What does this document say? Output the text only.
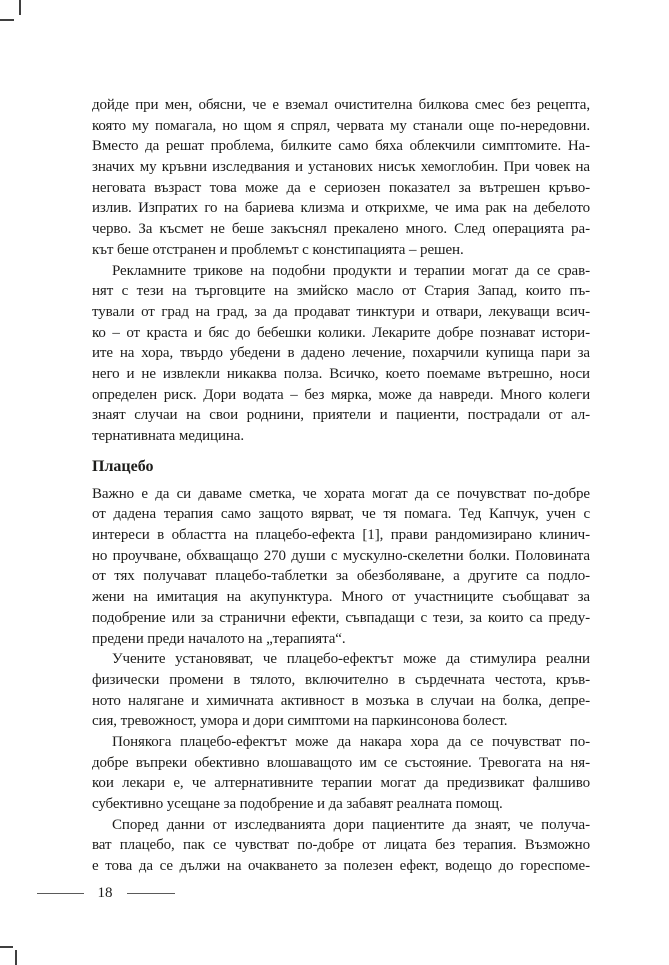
дойде при мен, обясни, че е вземал очистителна билкова смес без рецепта,
която му помагала, но щом я спрял, червата му станали още по-нередовни.
Вместо да решат проблема, билките само бяха облекчили симптомите. На-
значих му кръвни изследвания и установих нисък хемоглобин. При човек на
неговата възраст това може да е сериозен показател за вътрешен кръво-
излив. Изпратих го на бариева клизма и открихме, че има рак на дебелото
черво. За късмет не беше закъснял прекалено много. След операцията ра-
кът беше отстранен и проблемът с констипацията – решен.
Рекламните трикове на подобни продукти и терапии могат да се срав-
нят с тези на търговците на змийско масло от Стария Запад, които пъ-
тували от град на град, за да продават тинктури и отвари, лекуващи всич-
ко – от краста и бяс до бебешки колики. Лекарите добре познават истори-
ите на хора, твърдо убедени в дадено лечение, похарчили купища пари за
него и не извлекли никаква полза. Всичко, което поемаме вътрешно, носи
определен риск. Дори водата – без мярка, може да навреди. Много колеги
знаят случаи на свои роднини, приятели и пациенти, пострадали от ал-
тернативната медицина.
Плацебо
Важно е да си даваме сметка, че хората могат да се почувстват по-добре
от дадена терапия само защото вярват, че тя помага. Тед Капчук, учен с
интереси в областта на плацебо-ефекта [1], прави рандомизирано клинич-
но проучване, обхващащо 270 души с мускулно-скелетни болки. Половината
от тях получават плацебо-таблетки за обезболяване, а другите са подло-
жени на имитация на акупунктура. Много от участниците съобщават за
подобрение или за странични ефекти, съвпадащи с тези, за които са преду-
предени преди началото на „терапията“.
Учените установяват, че плацебо-ефектът може да стимулира реални
физически промени в тялото, включително в сърдечната честота, кръв-
ното налягане и химичната активност в мозъка в случаи на болка, депре-
сия, тревожност, умора и дори симптоми на паркинсонова болест.
Понякога плацебо-ефектът може да накара хора да се почувстват по-
добре въпреки обективно влошаващото им се състояние. Тревогата на ня-
кои лекари е, че алтернативните терапии могат да предизвикат фалшиво
субективно усещане за подобрение и да забавят реалната помощ.
Според данни от изследванията дори пациентите да знаят, че получа-
ват плацебо, пак се чувстват по-добре от лицата без терапия. Възможно
е това да се дължи на очакването за полезен ефект, водещо до гореспоме-
18
